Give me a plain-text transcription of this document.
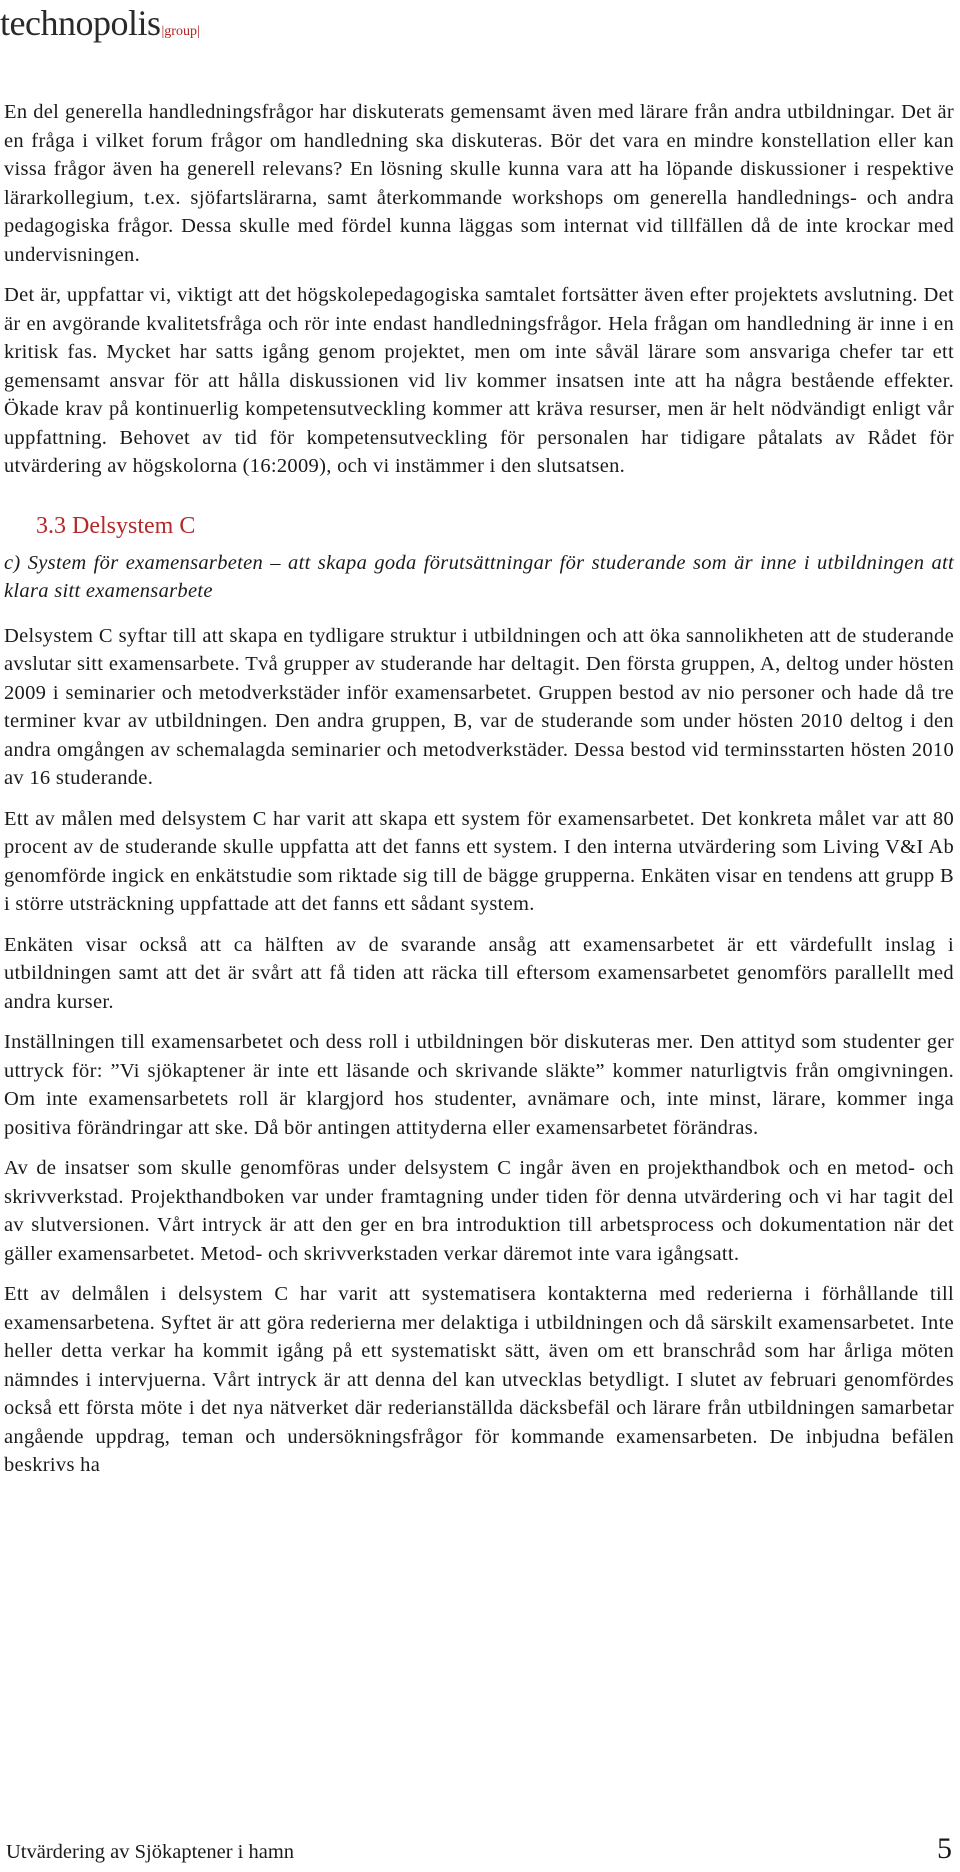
technopolis |group|

En del generella handledningsfrågor har diskuterats gemensamt även med lärare från andra utbildningar. Det är en fråga i vilket forum frågor om handledning ska diskuteras. Bör det vara en mindre konstellation eller kan vissa frågor även ha generell relevans? En lösning skulle kunna vara att ha löpande diskussioner i respektive lärarkollegium, t.ex. sjöfartslärarna, samt återkommande workshops om generella handlednings- och andra pedagogiska frågor. Dessa skulle med fördel kunna läggas som internat vid tillfällen då de inte krockar med undervisningen.

Det är, uppfattar vi, viktigt att det högskolepedagogiska samtalet fortsätter även efter projektets avslutning. Det är en avgörande kvalitetsfråga och rör inte endast handledningsfrågor. Hela frågan om handledning är inne i en kritisk fas. Mycket har satts igång genom projektet, men om inte såväl lärare som ansvariga chefer tar ett gemensamt ansvar för att hålla diskussionen vid liv kommer insatsen inte att ha några bestående effekter. Ökade krav på kontinuerlig kompetensutveckling kommer att kräva resurser, men är helt nödvändigt enligt vår uppfattning. Behovet av tid för kompetensutveckling för personalen har tidigare påtalats av Rådet för utvärdering av högskolorna (16:2009), och vi instämmer i den slutsatsen.

3.3 Delsystem C

c) System för examensarbeten – att skapa goda förutsättningar för studerande som är inne i utbildningen att klara sitt examensarbete

Delsystem C syftar till att skapa en tydligare struktur i utbildningen och att öka sannolikheten att de studerande avslutar sitt examensarbete. Två grupper av studerande har deltagit. Den första gruppen, A, deltog under hösten 2009 i seminarier och metodverkstäder inför examensarbetet. Gruppen bestod av nio personer och hade då tre terminer kvar av utbildningen. Den andra gruppen, B, var de studerande som under hösten 2010 deltog i den andra omgången av schemalagda seminarier och metodverkstäder. Dessa bestod vid terminsstarten hösten 2010 av 16 studerande.

Ett av målen med delsystem C har varit att skapa ett system för examensarbetet. Det konkreta målet var att 80 procent av de studerande skulle uppfatta att det fanns ett system. I den interna utvärdering som Living V&I Ab genomförde ingick en enkätstudie som riktade sig till de bägge grupperna. Enkäten visar en tendens att grupp B i större utsträckning uppfattade att det fanns ett sådant system.

Enkäten visar också att ca hälften av de svarande ansåg att examensarbetet är ett värdefullt inslag i utbildningen samt att det är svårt att få tiden att räcka till eftersom examensarbetet genomförs parallellt med andra kurser.

Inställningen till examensarbetet och dess roll i utbildningen bör diskuteras mer. Den attityd som studenter ger uttryck för: ”Vi sjökaptener är inte ett läsande och skrivande släkte” kommer naturligtvis från omgivningen. Om inte examensarbetets roll är klargjord hos studenter, avnämare och, inte minst, lärare, kommer inga positiva förändringar att ske. Då bör antingen attityderna eller examensarbetet förändras.

Av de insatser som skulle genomföras under delsystem C ingår även en projekthandbok och en metod- och skrivverkstad. Projekthandboken var under framtagning under tiden för denna utvärdering och vi har tagit del av slutversionen. Vårt intryck är att den ger en bra introduktion till arbetsprocess och dokumentation när det gäller examensarbetet. Metod- och skrivverkstaden verkar däremot inte vara igångsatt.

Ett av delmålen i delsystem C har varit att systematisera kontakterna med rederierna i förhållande till examensarbetena. Syftet är att göra rederierna mer delaktiga i utbildningen och då särskilt examensarbetet. Inte heller detta verkar ha kommit igång på ett systematiskt sätt, även om ett branschråd som har årliga möten nämndes i intervjuerna. Vårt intryck är att denna del kan utvecklas betydligt. I slutet av februari genomfördes också ett första möte i det nya nätverket där rederianställda däcksbefäl och lärare från utbildningen samarbetar angående uppdrag, teman och undersökningsfrågor för kommande examensarbeten. De inbjudna befälen beskrivs ha

Utvärdering av Sjökaptener i hamn	5
